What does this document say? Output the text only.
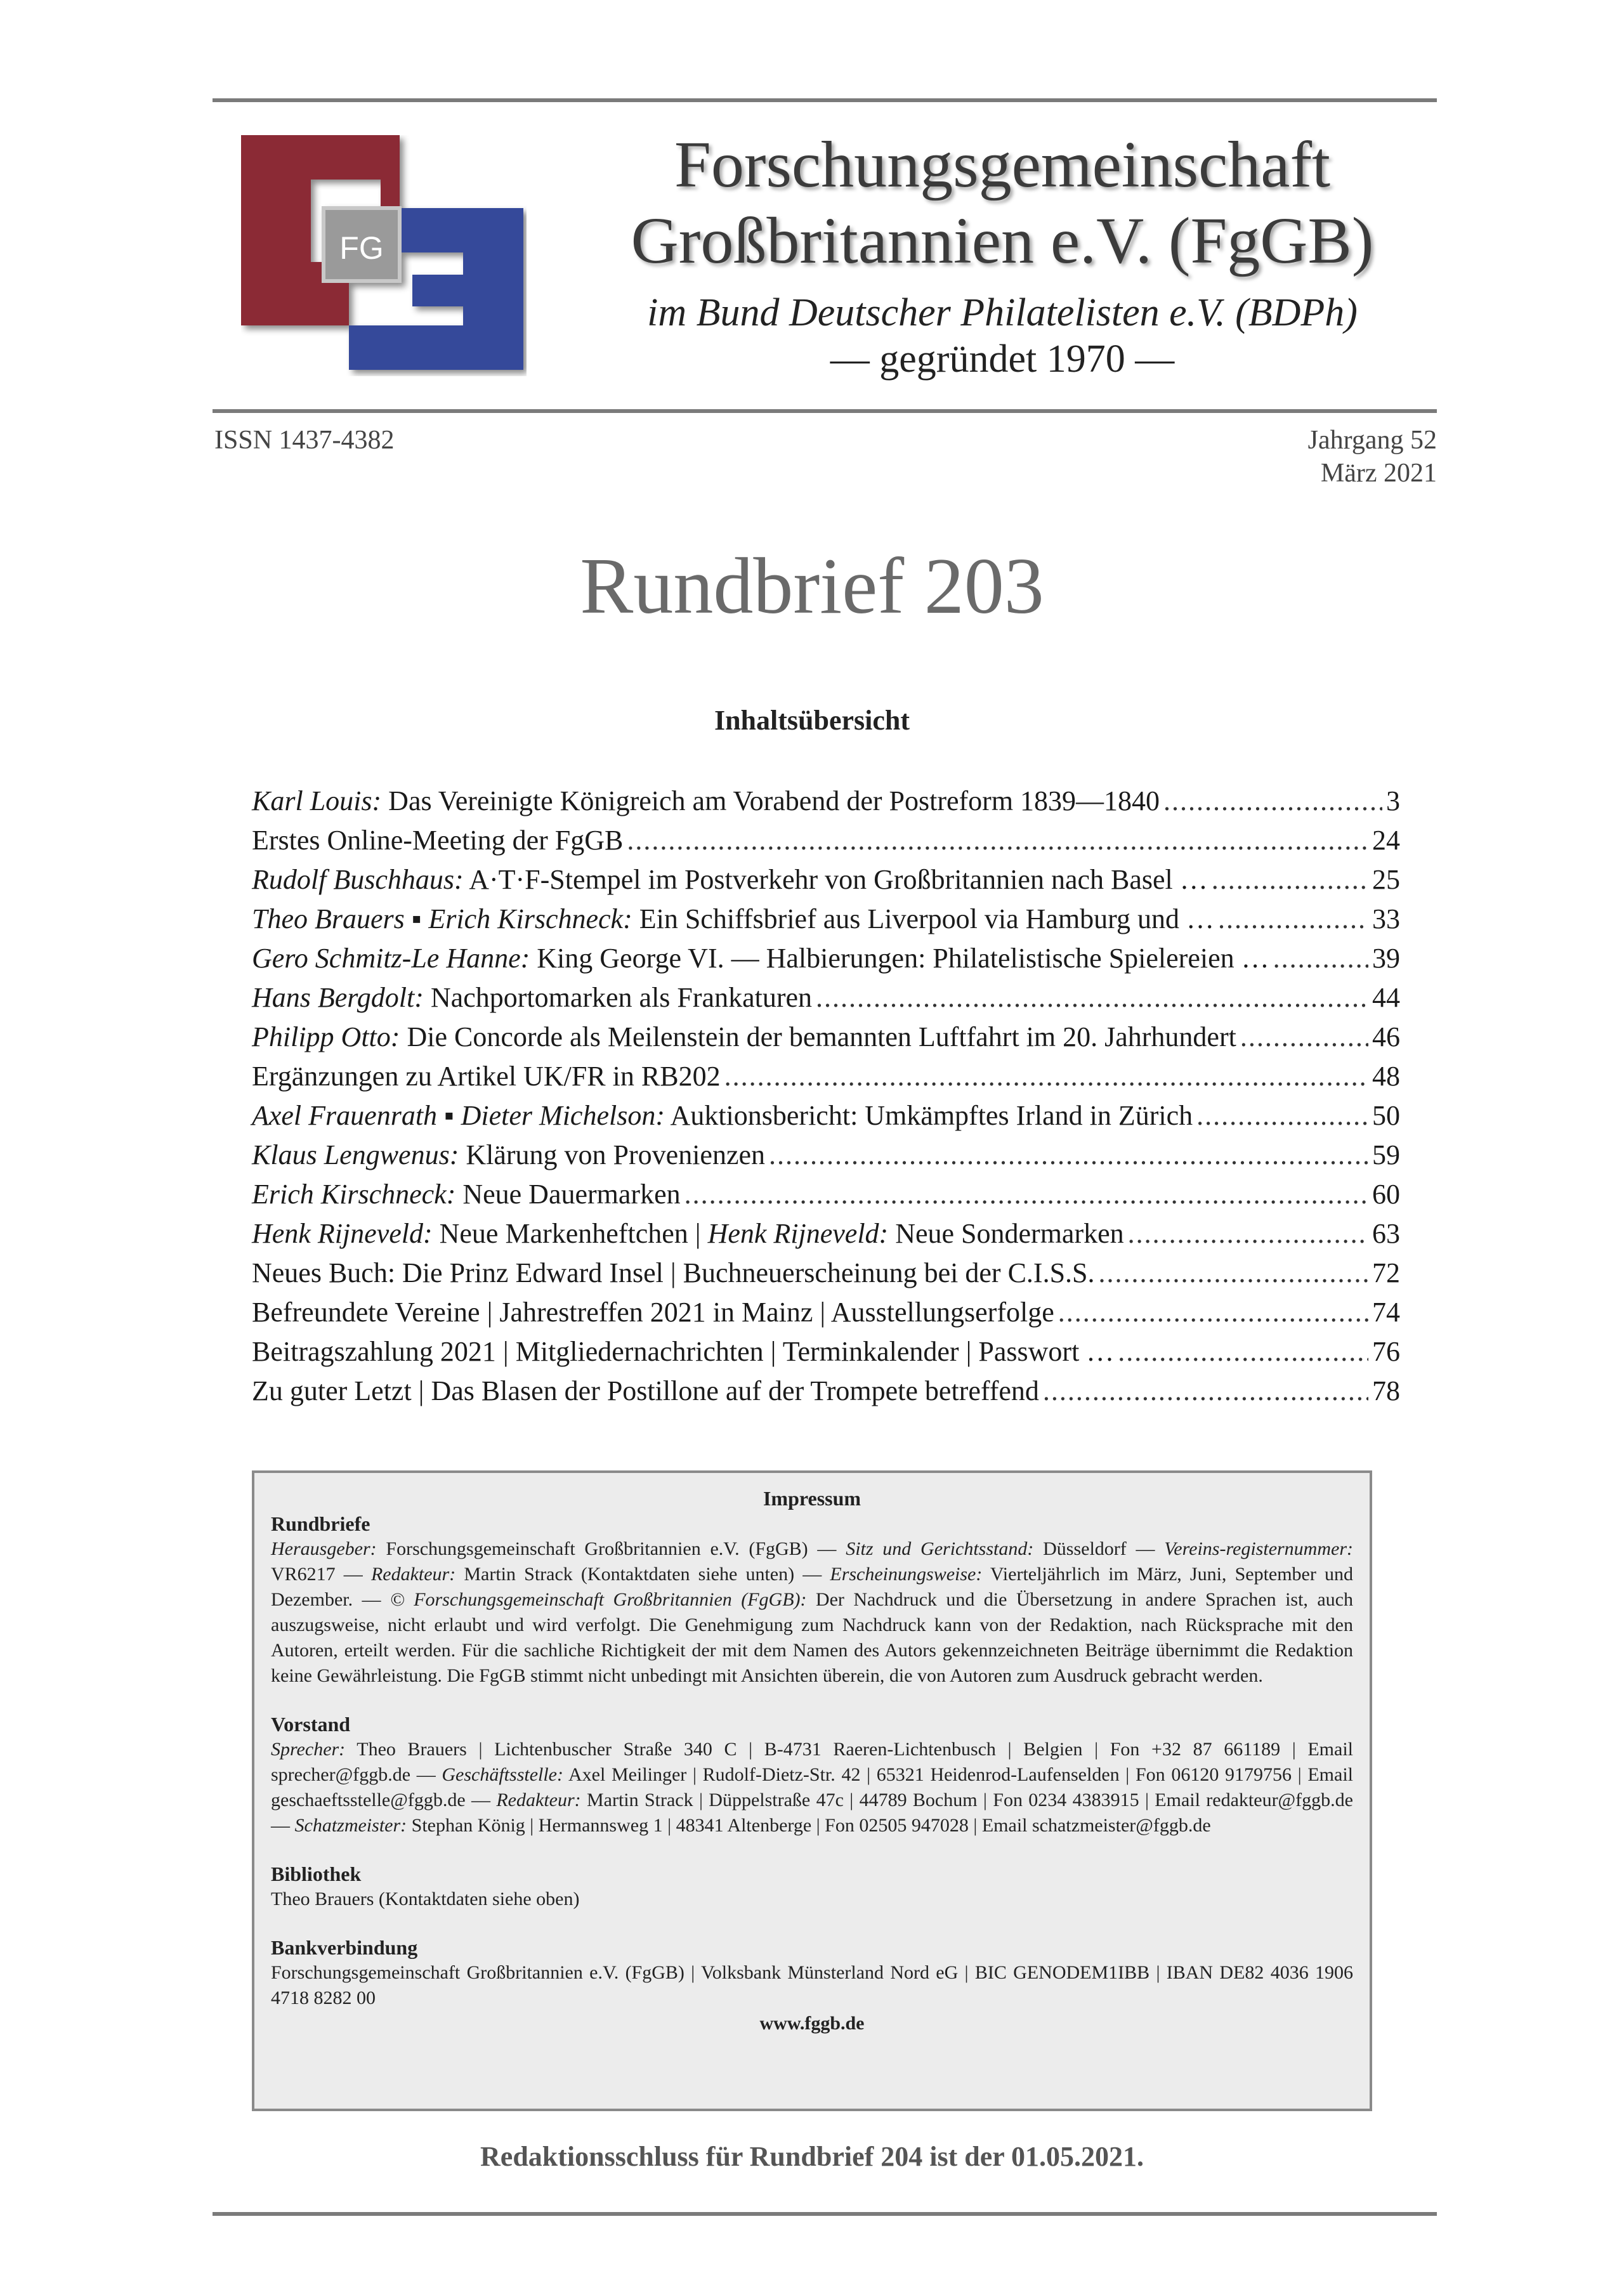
FG
Forschungsgemeinschaft
Großbritannien e.V. (FgGB)
im Bund Deutscher Philatelisten e.V. (BDPh)
— gegründet 1970 —
ISSN 1437-4382	Jahrgang 52
März 2021
Rundbrief 203
Inhaltsübersicht
Karl Louis: Das Vereinigte Königreich am Vorabend der Postreform 1839—1840 .....	3
Erstes Online-Meeting der FgGB .....	24
Rudolf Buschhaus: A·T·F-Stempel im Postverkehr von Großbritannien nach Basel … .....	25
Theo Brauers ▪ Erich Kirschneck: Ein Schiffsbrief aus Liverpool via Hamburg und … .....	33
Gero Schmitz-Le Hanne: King George VI. — Halbierungen: Philatelistische Spielereien … .....	39
Hans Bergdolt: Nachportomarken als Frankaturen .....	44
Philipp Otto: Die Concorde als Meilenstein der bemannten Luftfahrt im 20. Jahrhundert .....	46
Ergänzungen zu Artikel UK/FR in RB202 .....	48
Axel Frauenrath ▪ Dieter Michelson: Auktionsbericht: Umkämpftes Irland in Zürich .....	50
Klaus Lengwenus: Klärung von Provenienzen .....	59
Erich Kirschneck: Neue Dauermarken .....	60
Henk Rijneveld: Neue Markenheftchen | Henk Rijneveld: Neue Sondermarken .....	63
Neues Buch: Die Prinz Edward Insel | Buchneuerscheinung bei der C.I.S.S. .....	72
Befreundete Vereine | Jahrestreffen 2021 in Mainz | Ausstellungserfolge .....	74
Beitragszahlung 2021 | Mitgliedernachrichten | Terminkalender | Passwort … .....	76
Zu guter Letzt | Das Blasen der Postillone auf der Trompete betreffend .....	78
Impressum
Rundbriefe
Herausgeber: Forschungsgemeinschaft Großbritannien e.V. (FgGB) — Sitz und Gerichtsstand: Düsseldorf — Vereins-registernummer: VR6217 — Redakteur: Martin Strack (Kontaktdaten siehe unten) — Erscheinungsweise: Vierteljährlich im März, Juni, September und Dezember. — © Forschungsgemeinschaft Großbritannien (FgGB): Der Nachdruck und die Übersetzung in andere Sprachen ist, auch auszugsweise, nicht erlaubt und wird verfolgt. Die Genehmigung zum Nachdruck kann von der Redaktion, nach Rücksprache mit den Autoren, erteilt werden. Für die sachliche Richtigkeit der mit dem Namen des Autors gekennzeichneten Beiträge übernimmt die Redaktion keine Gewährleistung. Die FgGB stimmt nicht unbedingt mit Ansichten überein, die von Autoren zum Ausdruck gebracht werden.
Vorstand
Sprecher: Theo Brauers | Lichtenbuscher Straße 340 C | B-4731 Raeren-Lichtenbusch | Belgien | Fon +32 87 661189 | Email sprecher@fggb.de — Geschäftsstelle: Axel Meilinger | Rudolf-Dietz-Str. 42 | 65321 Heidenrod-Laufenselden | Fon 06120 9179756 | Email geschaeftsstelle@fggb.de — Redakteur: Martin Strack | Düppelstraße 47c | 44789 Bochum | Fon 0234 4383915 | Email redakteur@fggb.de — Schatzmeister: Stephan König | Hermannsweg 1 | 48341 Altenberge | Fon 02505 947028 | Email schatzmeister@fggb.de
Bibliothek
Theo Brauers (Kontaktdaten siehe oben)
Bankverbindung
Forschungsgemeinschaft Großbritannien e.V. (FgGB) | Volksbank Münsterland Nord eG | BIC GENODEM1IBB | IBAN DE82 4036 1906 4718 8282 00
www.fggb.de
Redaktionsschluss für Rundbrief 204 ist der 01.05.2021.
